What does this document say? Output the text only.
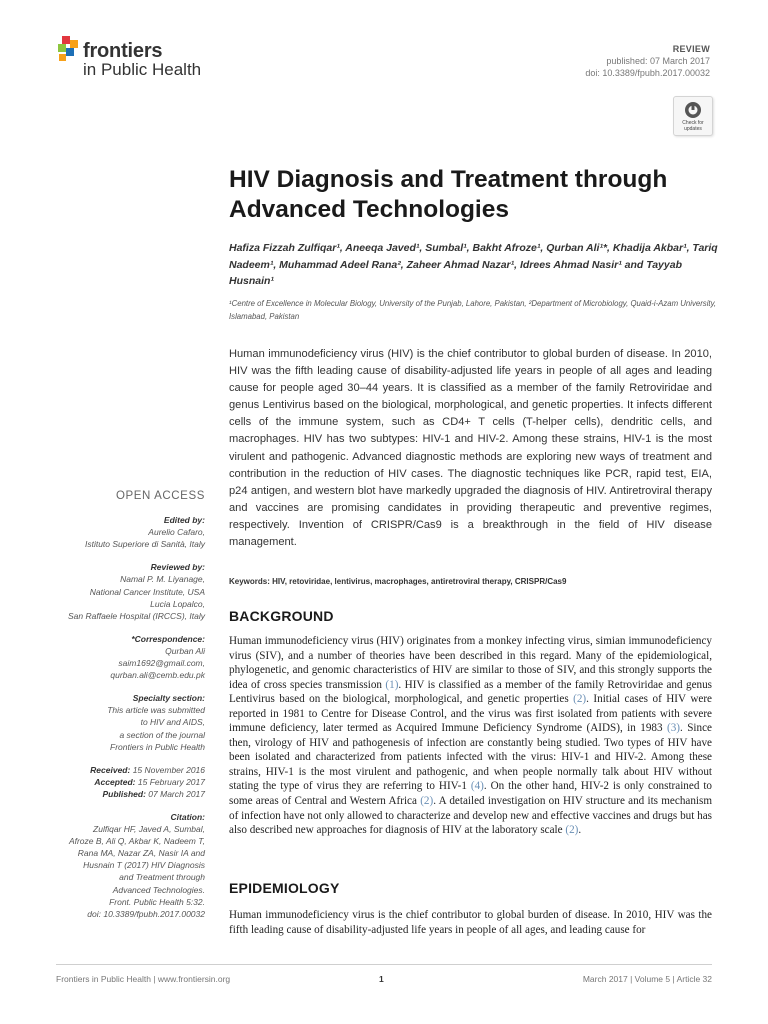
frontiers
in Public Health
REVIEW
published: 07 March 2017
doi: 10.3389/fpubh.2017.00032
Check for updates
HIV Diagnosis and Treatment through Advanced Technologies
Hafiza Fizzah Zulfiqar¹, Aneeqa Javed¹, Sumbal¹, Bakht Afroze¹, Qurban Ali¹*, Khadija Akbar¹, Tariq Nadeem¹, Muhammad Adeel Rana², Zaheer Ahmad Nazar¹, Idrees Ahmad Nasir¹ and Tayyab Husnain¹
¹Centre of Excellence in Molecular Biology, University of the Punjab, Lahore, Pakistan, ²Department of Microbiology, Quaid-i-Azam University, Islamabad, Pakistan
Human immunodeficiency virus (HIV) is the chief contributor to global burden of disease. In 2010, HIV was the fifth leading cause of disability-adjusted life years in people of all ages and leading cause for people aged 30–44 years. It is classified as a member of the family Retroviridae and genus Lentivirus based on the biological, morphological, and genetic properties. It infects different cells of the immune system, such as CD4+ T cells (T-helper cells), dendritic cells, and macrophages. HIV has two subtypes: HIV-1 and HIV-2. Among these strains, HIV-1 is the most virulent and pathogenic. Advanced diagnostic methods are exploring new ways of treatment and contribution in the reduction of HIV cases. The diagnostic techniques like PCR, rapid test, EIA, p24 antigen, and western blot have markedly upgraded the diagnosis of HIV. Antiretroviral therapy and vaccines are promising candidates in providing therapeutic and preventive regimes, respectively. Invention of CRISPR/Cas9 is a breakthrough in the field of HIV disease management.
Keywords: HIV, retoviridae, lentivirus, macrophages, antiretroviral therapy, CRISPR/Cas9
BACKGROUND
Human immunodeficiency virus (HIV) originates from a monkey infecting virus, simian immunodeficiency virus (SIV), and a number of theories have been described in this regard. Many of the epidemiological, phylogenetic, and genomic characteristics of HIV are similar to those of SIV, and this strongly supports the idea of cross species transmission (1). HIV is classified as a member of the family Retroviridae and genus Lentivirus based on the biological, morphological, and genetic properties (2). Initial cases of HIV were reported in 1981 to Centre for Disease Control, and the virus was first isolated from patients with severe immune deficiency, later termed as Acquired Immune Deficiency Syndrome (AIDS), in 1983 (3). Since then, virology of HIV and pathogenesis of infection are constantly being studied. Two types of HIV have been isolated and characterized from patients infected with the virus: HIV-1 and HIV-2. Among these strains, HIV-1 is the most virulent and pathogenic, and when people normally talk about HIV without stating the type of virus they are referring to HIV-1 (4). On the other hand, HIV-2 is only constrained to some areas of Central and Western Africa (2). A detailed investigation on HIV structure and its mechanism of infection have not only allowed to characterize and develop new and effective vaccines and drugs but has also described new approaches for diagnosis of HIV at the laboratory scale (2).
EPIDEMIOLOGY
Human immunodeficiency virus is the chief contributor to global burden of disease. In 2010, HIV was the fifth leading cause of disability-adjusted life years in people of all ages, and leading cause for
OPEN ACCESS
Edited by:
Aurelio Cafaro,
Istituto Superiore di Sanità, Italy
Reviewed by:
Namal P. M. Liyanage,
National Cancer Institute, USA
Lucia Lopalco,
San Raffaele Hospital (IRCCS), Italy
*Correspondence:
Qurban Ali
saim1692@gmail.com,
qurban.ali@cemb.edu.pk
Specialty section:
This article was submitted
to HIV and AIDS,
a section of the journal
Frontiers in Public Health
Received: 15 November 2016
Accepted: 15 February 2017
Published: 07 March 2017
Citation:
Zulfiqar HF, Javed A, Sumbal,
Afroze B, Ali Q, Akbar K, Nadeem T,
Rana MA, Nazar ZA, Nasir IA and
Husnain T (2017) HIV Diagnosis
and Treatment through
Advanced Technologies.
Front. Public Health 5:32.
doi: 10.3389/fpubh.2017.00032
Frontiers in Public Health | www.frontiersin.org	1	March 2017 | Volume 5 | Article 32
